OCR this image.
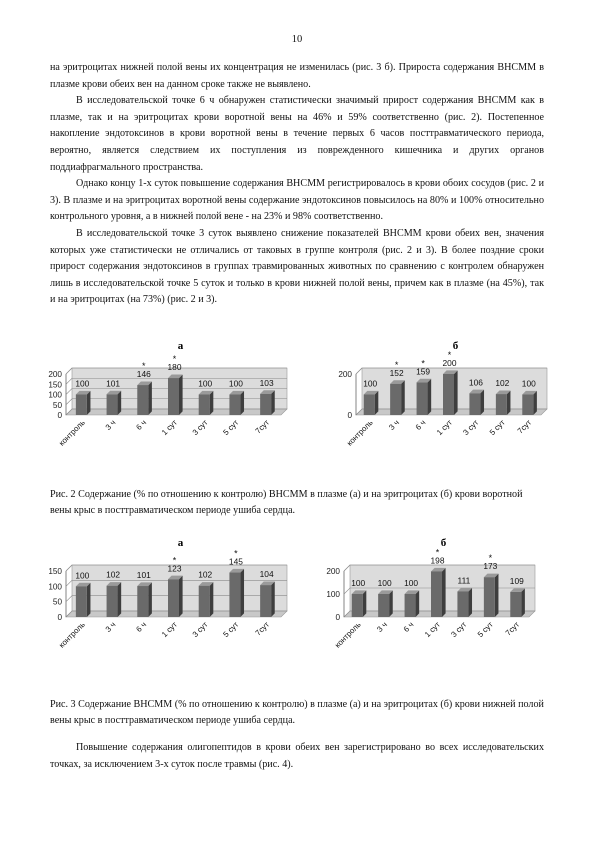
10

на эритроцитах нижней полой вены их концентрация не изменилась (рис. 3 б). Прироста содержания ВНСММ в плазме крови обеих вен на данном сроке также не выявлено.

В исследовательской точке 6 ч обнаружен статистически значимый прирост содержания ВНСММ как в плазме, так и на эритроцитах крови воротной вены на 46% и 59% соответственно (рис. 2). Постепенное накопление эндотоксинов в крови воротной вены в течение первых 6 часов посттравматического периода, вероятно, является следствием их поступления из поврежденного кишечника и других органов поддиафрагмального пространства.

Однако концу 1-х суток повышение содержания ВНСММ регистрировалось в крови обоих сосудов (рис. 2 и 3). В плазме и на эритроцитах воротной вены содержание эндотоксинов повысилось на 80% и 100% относительно контрольного уровня, а в нижней полой вене - на 23% и 98% соответственно.

В исследовательской точке 3 суток выявлено снижение показателей ВНСММ крови обеих вен, значения которых уже статистически не отличались от таковых в группе контроля (рис. 2 и 3). В более поздние сроки прирост содержания эндотоксинов в группах травмированных животных по сравнению с контролем обнаружен лишь в исследовательской точке 5 суток и только в крови нижней полой вены, причем как в плазме (на 45%), так и на эритроцитах (на 73%) (рис. 2 и 3).

а
0
50
100
150
200
100
контроль
101
3 ч
146
*
6 ч
180
*
1 сут
100
3 сут
100
5 сут
103
7сут
б
0
200
100
контроль
152
*
3 ч
159
*
6 ч
200
*
1 сут
106
3 сут
102
5 сут
100
7сут
Рис. 2 Содержание (% по отношению к контролю) ВНСММ в плазме (а) и на эритроцитах (б) крови воротной вены крыс в посттравматическом периоде ушиба сердца.
а
0
50
100
150 100
контроль
102
3 ч
101
6 ч
123
*
1 сут
102
3 сут
145
*
5 сут
104
7сут
б
0
100
200
100
контроль
100
3 ч
100
6 ч
198
*
1 сут
111
3 сут
173
*
5 сут
109
7сут
Рис. 3 Содержание ВНСММ (% по отношению к контролю) в плазме (а) и на эритроцитах (б) крови нижней полой вены крыс в посттравматическом периоде ушиба сердца.

Повышение содержания олигопептидов в крови обеих вен зарегистрировано во всех исследовательских точках, за исключением 3-х суток после травмы (рис. 4).
